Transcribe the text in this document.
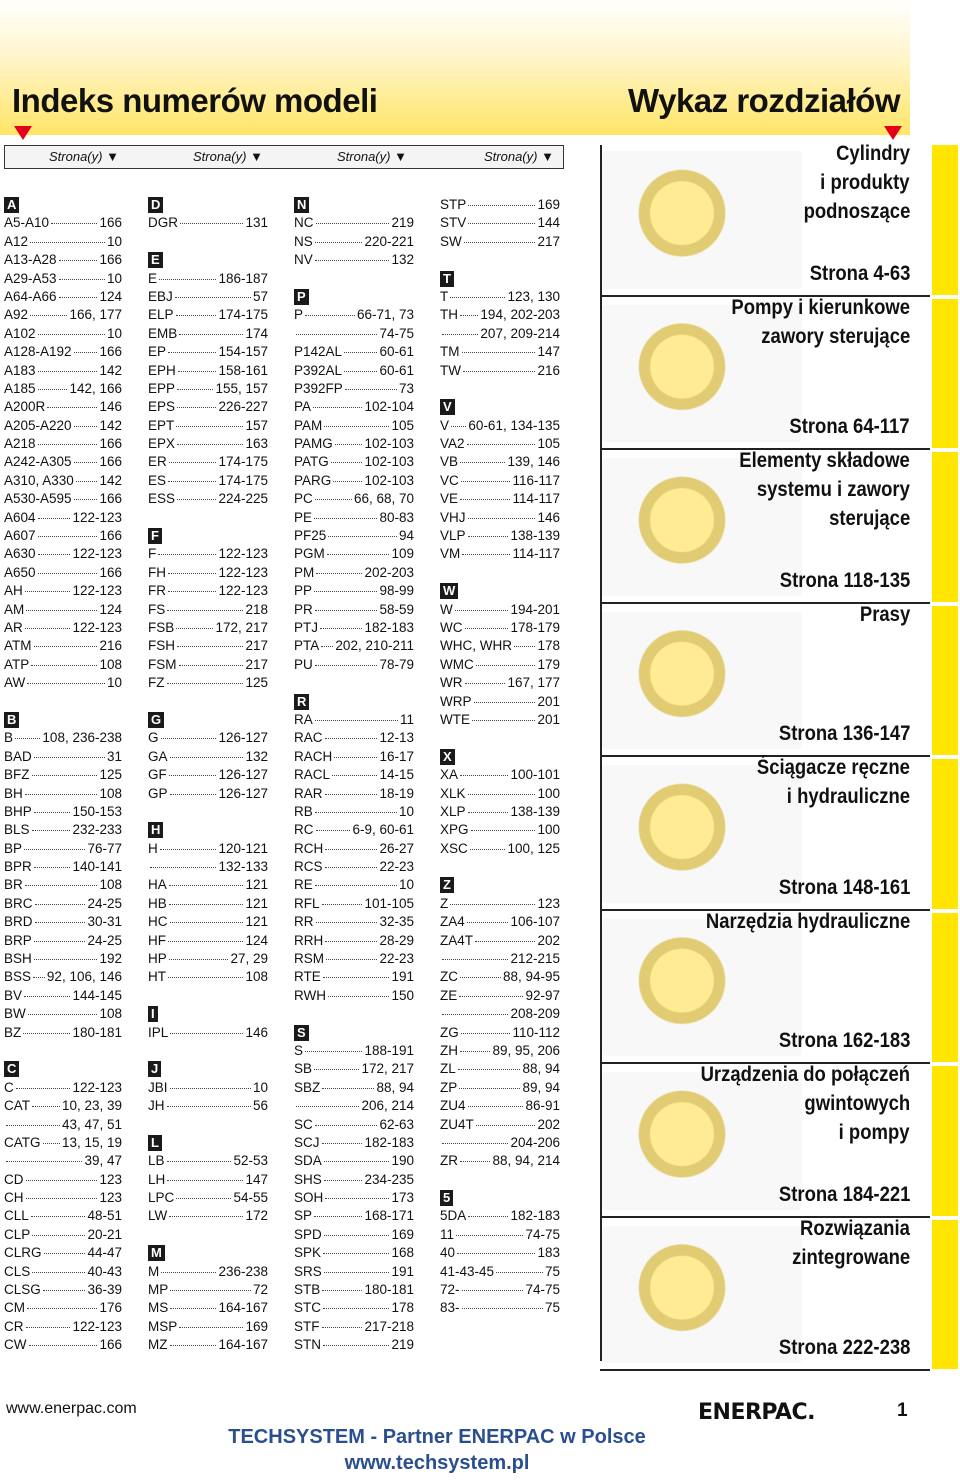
Indeks numerów modeli	Wykaz rozdziałów
Strona(y) ▼	Strona(y) ▼	Strona(y) ▼	Strona(y) ▼
A
A5-A10	166
A12	10
A13-A28	166
A29-A53	10
A64-A66	124
A92	166, 177
A102	10
A128-A192 166
A183	142
A185	142, 166
A200R	146
A205-A220 142
A218	166
A242-A305 166
A310, A330 142
A530-A595 166
A604	122-123
A607	166
A630	122-123
A650	166
AH	122-123
AM	124
AR	122-123
ATM	216
ATP	108
AW	10
B
B 108, 236-238
BAD	31
BFZ	125
BH	108
BHP	150-153
BLS	232-233
BP	76-77
BPR	140-141
BR	108
BRC	24-25
BRD	30-31
BRP	24-25
BSH	192
BSS 92, 106, 146
BV	144-145
BW	108
BZ	180-181
C
C	122-123
CAT 10, 23, 39
43, 47, 51
CATG 13, 15, 19
39, 47
CD	123
CH	123
CLL	48-51
CLP	20-21
CLRG	44-47
CLS	40-43
CLSG	36-39
CM	176
CR	122-123
CW	166
D
DGR	131
E
E	186-187
EBJ	57
ELP	174-175
EMB	174
EP	154-157
EPH	158-161
EPP	155, 157
EPS	226-227
EPT	157
EPX	163
ER	174-175
ES	174-175
ESS	224-225
F
F	122-123
FH	122-123
FR	122-123
FS	218
FSB	172, 217
FSH	217
FSM	217
FZ	125
G
G	126-127
GA	132
GF	126-127
GP	126-127
H
H	120-121
132-133
HA	121
HB	121
HC	121
HF	124
HP	27, 29
HT	108
I
IPL	146
J
JBI	10
JH	56
L
LB	52-53
LH	147
LPC	54-55
LW	172
M
M	236-238
MP	72
MS	164-167
MSP	169
MZ	164-167
N
NC	219
NS	220-221
NV	132
P
P	66-71, 73
74-75
P142AL	60-61
P392AL	60-61
P392FP	73
PA	102-104
PAM	105
PAMG 102-103
PATG	102-103
PARG 102-103
PC	66, 68, 70
PE	80-83
PF25	94
PGM	109
PM	202-203
PP	98-99
PR	58-59
PTJ	182-183
PTA 202, 210-211
PU	78-79
R
RA	11
RAC	12-13
RACH	16-17
RACL	14-15
RAR	18-19
RB	10
RC	6-9, 60-61
RCH	26-27
RCS	22-23
RE	10
RFL	101-105
RR	32-35
RRH	28-29
RSM	22-23
RTE	191
RWH	150
S
S	188-191
SB	172, 217
SBZ	88, 94
206, 214
SC	62-63
SCJ	182-183
SDA	190
SHS	234-235
SOH	173
SP	168-171
SPD	169
SPK	168
SRS	191
STB	180-181
STC	178
STF	217-218
STN	219
STP	169
STV	144
SW	217
T
T	123, 130
TH 194, 202-203
207, 209-214
TM	147
TW	216
V
V 60-61, 134-135
VA2	105
VB	139, 146
VC	116-117
VE	114-117
VHJ	146
VLP	138-139
VM	114-117
W
W	194-201
WC	178-179
WHC, WHR 178
WMC	179
WR	167, 177
WRP	201
WTE	201
X
XA	100-101
XLK	100
XLP	138-139
XPG	100
XSC	100, 125
Z
Z	123
ZA4	106-107
ZA4T	202
212-215
ZC	88, 94-95
ZE	92-97
208-209
ZG	110-112
ZH	89, 95, 206
ZL	88, 94
ZP	89, 94
ZU4	86-91
ZU4T	202
204-206
ZR	88, 94, 214
5
5DA	182-183
11	74-75
40	183
41-43-45	75
72-	74-75
83-	75
Cylindry
i produkty
podnoszące
Strona 4-63
Pompy i kierunkowe
zawory sterujące
Strona 64-117
Elementy składowe
systemu i zawory
sterujące
Strona 118-135
Prasy
Strona 136-147
Ściągacze ręczne
i hydrauliczne
Strona 148-161
Narzędzia hydrauliczne
Strona 162-183
Urządzenia do połączeń
gwintowych
i pompy
Strona 184-221
Rozwiązania
zintegrowane
Strona 222-238
www.enerpac.com	ENERPAC.	1
TECHSYSTEM - Partner ENERPAC w Polsce
www.techsystem.pl
